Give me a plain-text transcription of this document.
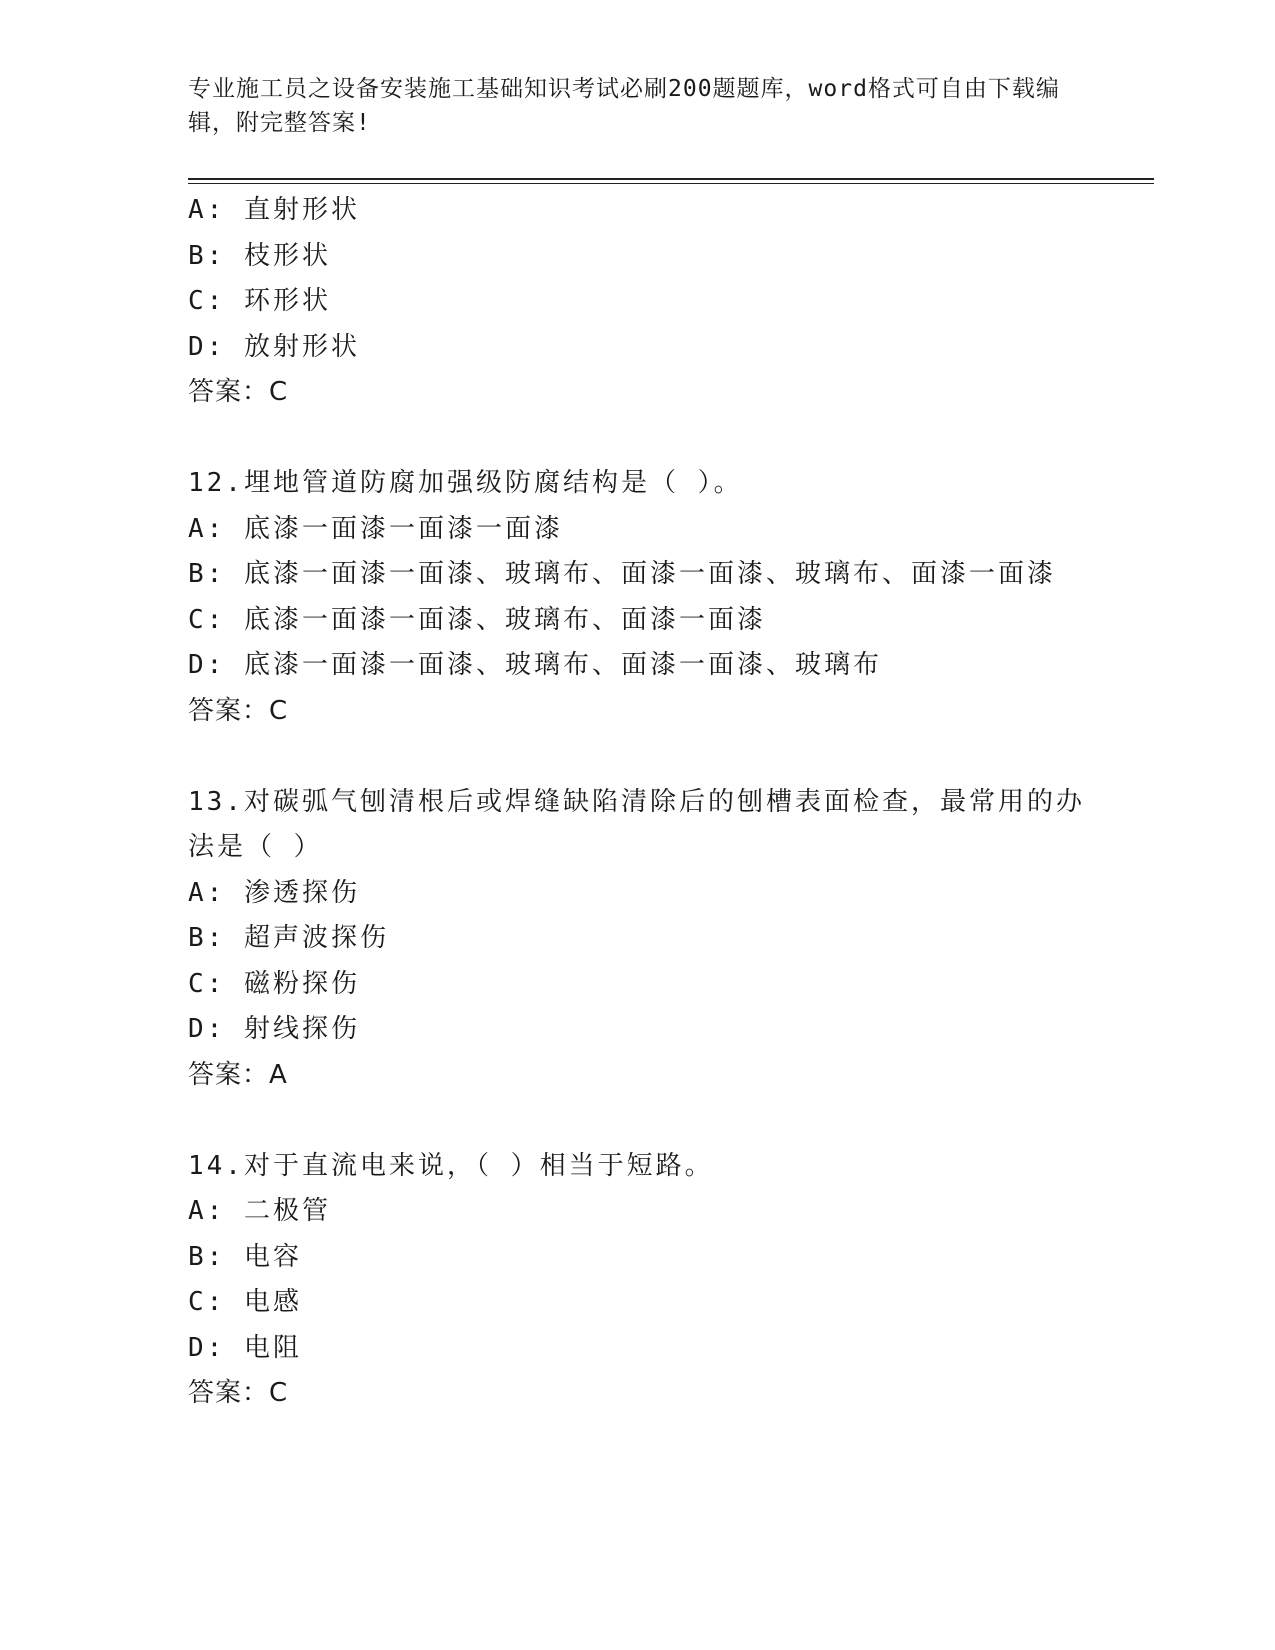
专业施工员之设备安装施工基础知识考试必刷200题题库，word格式可自由下载编辑，附完整答案!
A: 直射形状
B: 枝形状
C: 环形状
D: 放射形状
答案：C
12.埋地管道防腐加强级防腐结构是（ ）。
A: 底漆一面漆一面漆一面漆
B: 底漆一面漆一面漆、玻璃布、面漆一面漆、玻璃布、面漆一面漆
C: 底漆一面漆一面漆、玻璃布、面漆一面漆
D: 底漆一面漆一面漆、玻璃布、面漆一面漆、玻璃布
答案：C
13.对碳弧气刨清根后或焊缝缺陷清除后的刨槽表面检查，最常用的办
法是（ ）
A: 渗透探伤
B: 超声波探伤
C: 磁粉探伤
D: 射线探伤
答案：A
14.对于直流电来说，（ ）相当于短路。
A: 二极管
B: 电容
C: 电感
D: 电阻
答案：C
